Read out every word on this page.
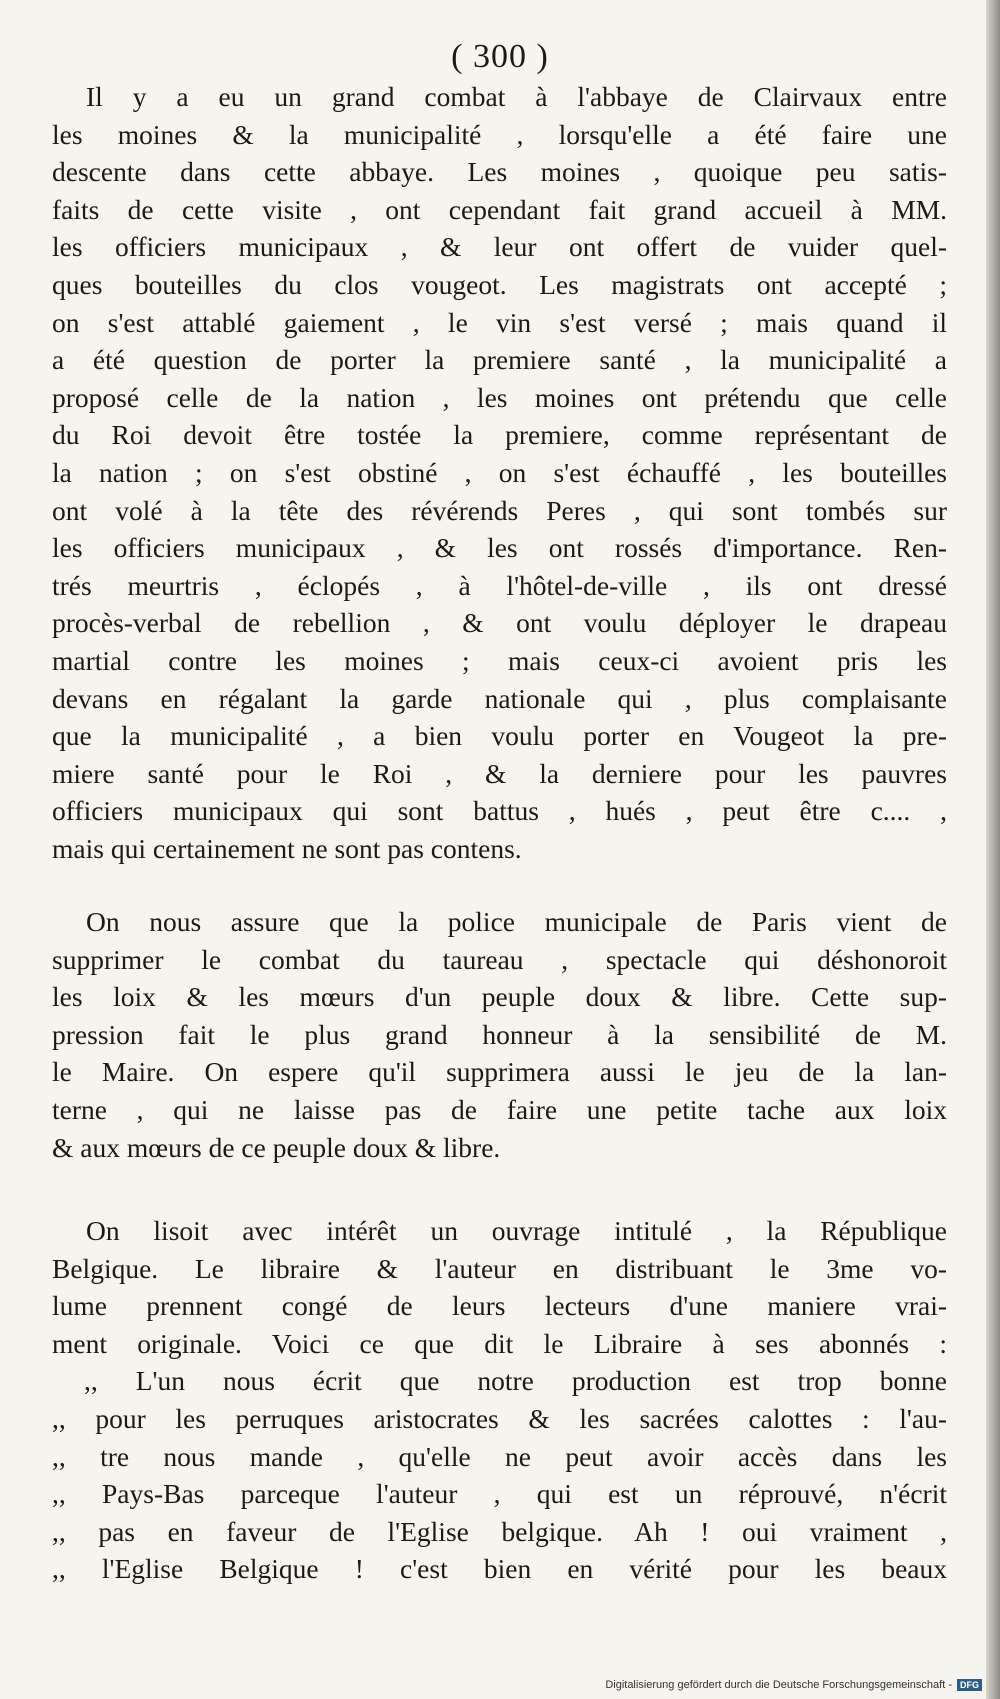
( 300 )
Il y a eu un grand combat à l'abbaye de Clairvaux entre
les moines & la municipalité , lorsqu'elle a été faire une
descente dans cette abbaye. Les moines , quoique peu satis-
faits de cette visite , ont cependant fait grand accueil à MM.
les officiers municipaux , & leur ont offert de vuider quel-
ques bouteilles du clos vougeot. Les magistrats ont accepté ;
on s'est attablé gaiement , le vin s'est versé ; mais quand il
a été question de porter la premiere santé , la municipalité a
proposé celle de la nation , les moines ont prétendu que celle
du Roi devoit être tostée la premiere, comme représentant de
la nation ; on s'est obstiné , on s'est échauffé , les bouteilles
ont volé à la tête des révérends Peres , qui sont tombés sur
les officiers municipaux , & les ont rossés d'importance. Ren-
trés meurtris , éclopés , à l'hôtel-de-ville , ils ont dressé
procès-verbal de rebellion , & ont voulu déployer le drapeau
martial contre les moines ; mais ceux-ci avoient pris les
devans en régalant la garde nationale qui , plus complaisante
que la municipalité , a bien voulu porter en Vougeot la pre-
miere santé pour le Roi , & la derniere pour les pauvres
officiers municipaux qui sont battus , hués , peut être c.... ,
mais qui certainement ne sont pas contens.
On nous assure que la police municipale de Paris vient de
supprimer le combat du taureau , spectacle qui déshonoroit
les loix & les mœurs d'un peuple doux & libre. Cette sup-
pression fait le plus grand honneur à la sensibilité de M.
le Maire. On espere qu'il supprimera aussi le jeu de la lan-
terne , qui ne laisse pas de faire une petite tache aux loix
& aux mœurs de ce peuple doux & libre.
On lisoit avec intérêt un ouvrage intitulé , la République
Belgique. Le libraire & l'auteur en distribuant le 3me vo-
lume prennent congé de leurs lecteurs d'une maniere vrai-
ment originale. Voici ce que dit le Libraire à ses abonnés :
,, L'un nous écrit que notre production est trop bonne
,, pour les perruques aristocrates & les sacrées calottes : l'au-
,, tre nous mande , qu'elle ne peut avoir accès dans les
,, Pays-Bas parceque l'auteur , qui est un réprouvé, n'écrit
,, pas en faveur de l'Eglise belgique. Ah ! oui vraiment ,
,, l'Eglise Belgique ! c'est bien en vérité pour les beaux
Digitalisierung gefördert durch die Deutsche Forschungsgemeinschaft - DFG
